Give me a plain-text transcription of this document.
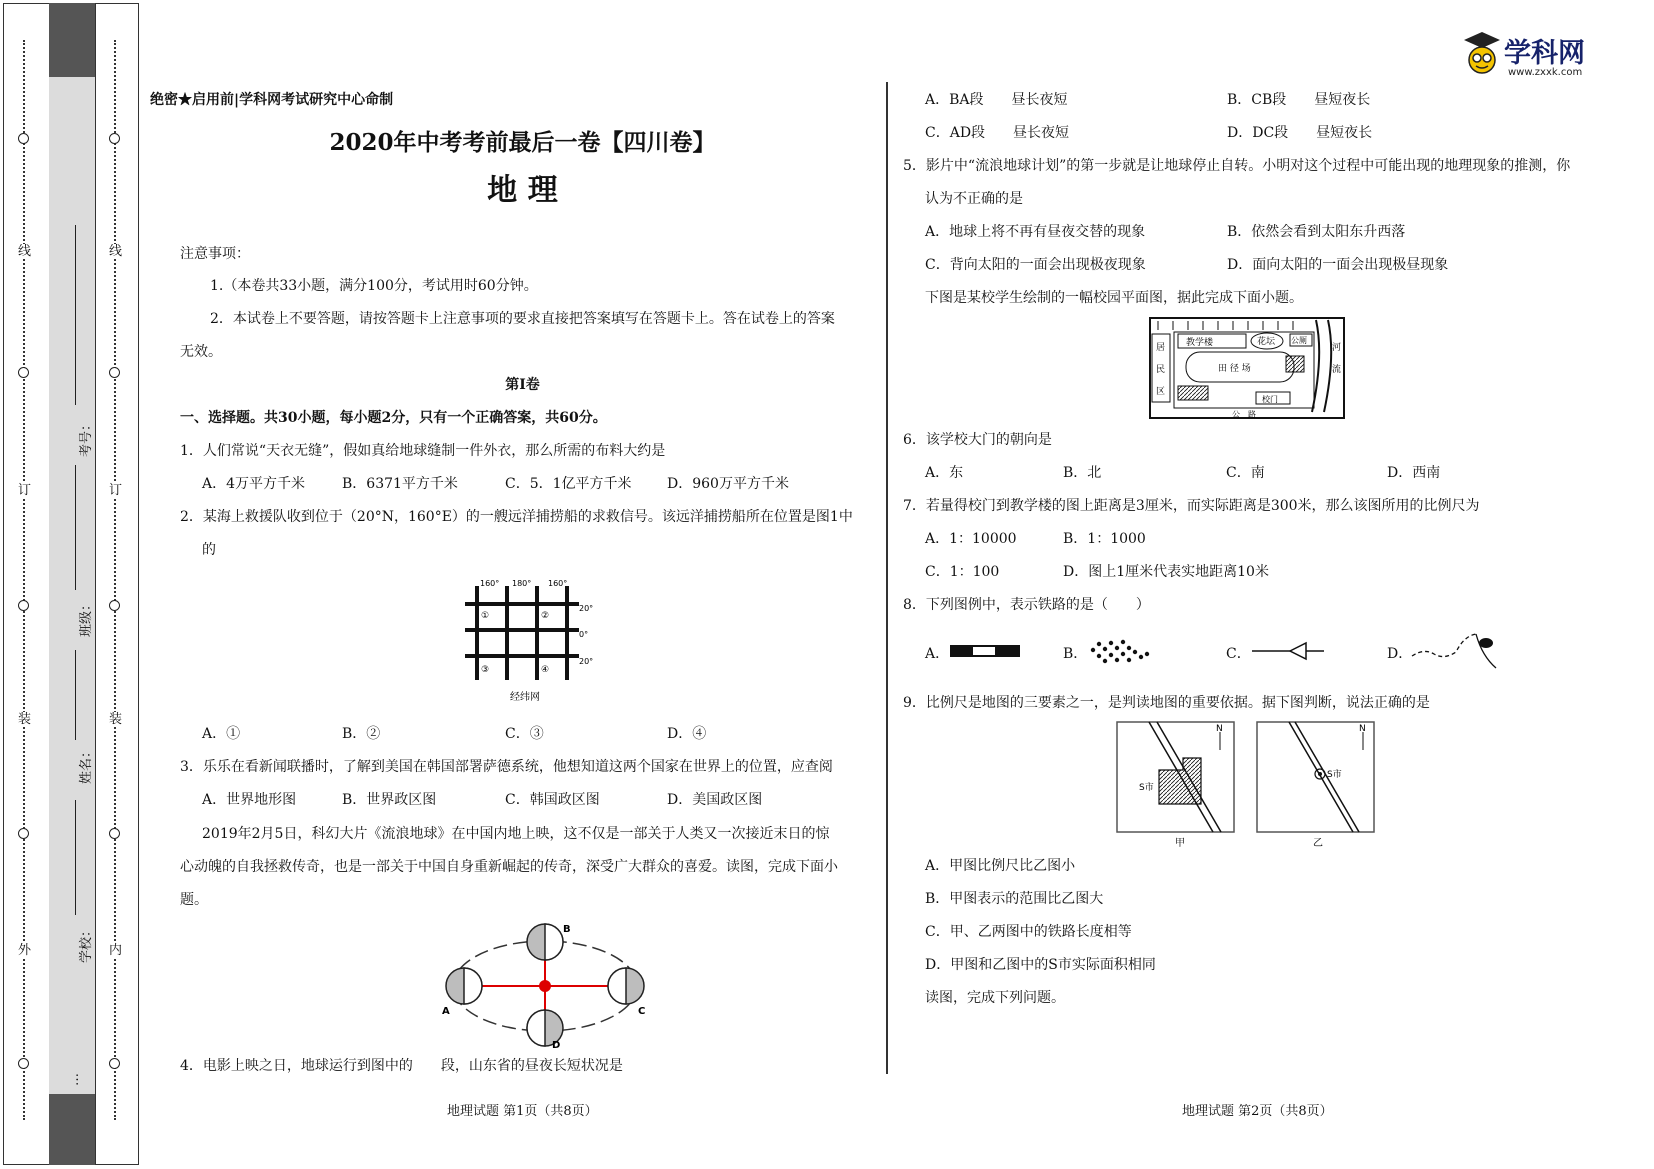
线
订
装
外
考号：
班级：
姓名：
学校：
…
线
订
装
内
学科网
www.zxxk.com
绝密★启用前|学科网考试研究中心命制
2020年中考考前最后一卷【四川卷】
地 理
注意事项：
1.（本卷共33小题，满分100分，考试用时60分钟。
2．本试卷上不要答题，请按答题卡上注意事项的要求直接把答案填写在答题卡上。答在试卷上的答案
无效。
第Ⅰ卷
一、选择题。共30小题，每小题2分，只有一个正确答案，共60分。
1．人们常说“天衣无缝”，假如真给地球缝制一件外衣，那么所需的布料大约是
A．4万平方千米	B．6371平方千米	C．5．1亿平方千米	D．960万平方千米
2．某海上救援队收到位于（20°N，160°E）的一艘远洋捕捞船的求救信号。该远洋捕捞船所在位置是图1中
的
160° 180° 160°
20°
0°
20°
①	②
③	④
经纬网
A．①	B．②	C．③	D．④
3．乐乐在看新闻联播时，了解到美国在韩国部署萨德系统，他想知道这两个国家在世界上的位置，应查阅
A．世界地形图	B．世界政区图	C．韩国政区图	D．美国政区图
2019年2月5日，科幻大片《流浪地球》在中国内地上映，这不仅是一部关于人类又一次接近末日的惊
心动魄的自我拯救传奇，也是一部关于中国自身重新崛起的传奇，深受广大群众的喜爱。读图，完成下面小
题。
B
A	C
D
4．电影上映之日，地球运行到图中的　　段，山东省的昼夜长短状况是
地理试题 第1页（共8页）	地理试题 第2页（共8页）
A．BA段　　昼长夜短	B．CB段　　昼短夜长
C．AD段　　昼长夜短	D．DC段　　昼短夜长
5．影片中“流浪地球计划”的第一步就是让地球停止自转。小明对这个过程中可能出现的地理现象的推测，你
认为不正确的是
A．地球上将不再有昼夜交替的现象	B．依然会看到太阳东升西落
C．背向太阳的一面会出现极夜现象	D．面向太阳的一面会出现极昼现象
下图是某校学生绘制的一幅校园平面图，据此完成下面小题。
教学楼	花坛 公厕
田 径 场
校门
公　路
居
民
区
河
流
6．该学校大门的朝向是
A．东	B．北	C．南	D．西南
7．若量得校门到教学楼的图上距离是3厘米，而实际距离是300米，那么该图所用的比例尺为
A．1：10000	B．1：1000
C．1：100	D．图上1厘米代表实地距离10米
8．下列图例中，表示铁路的是（　　）
A．	B．	C．	D．
9．比例尺是地图的三要素之一，是判读地图的重要依据。据下图判断，说法正确的是
N	N
S市
S市
甲	乙
A．甲图比例尺比乙图小
B．甲图表示的范围比乙图大
C．甲、乙两图中的铁路长度相等
D．甲图和乙图中的S市实际面积相同
读图，完成下列问题。
